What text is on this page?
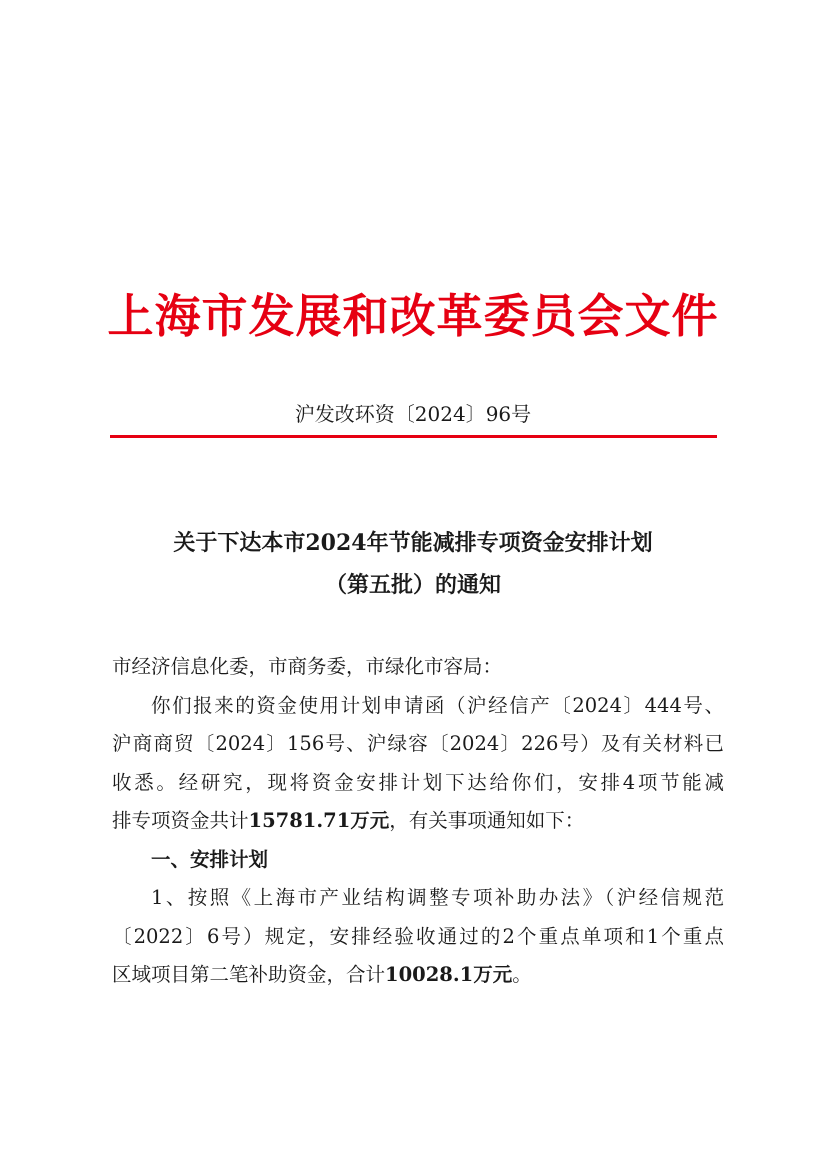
上海市发展和改革委员会文件
沪发改环资〔2024〕96号
关于下达本市2024年节能减排专项资金安排计划
（第五批）的通知
市经济信息化委，市商务委，市绿化市容局：
你们报来的资金使用计划申请函（沪经信产〔2024〕444号、
沪商商贸〔2024〕156号、沪绿容〔2024〕226号）及有关材料已
收悉。经研究，现将资金安排计划下达给你们，安排4项节能减
排专项资金共计15781.71万元，有关事项通知如下：
一、安排计划
1、按照《上海市产业结构调整专项补助办法》（沪经信规范
〔2022〕6号）规定，安排经验收通过的2个重点单项和1个重点
区域项目第二笔补助资金，合计10028.1万元。
